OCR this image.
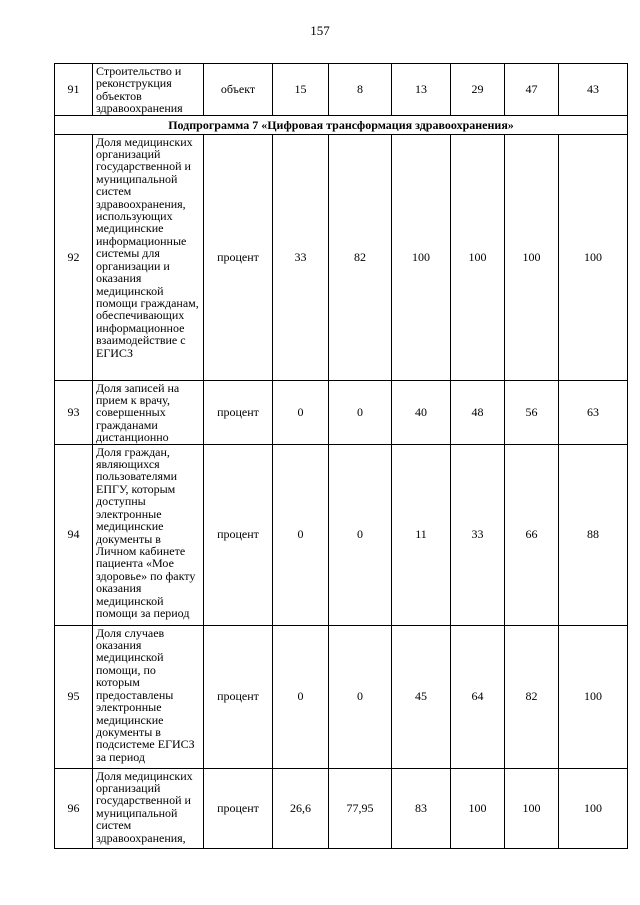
157
91	Строительство и реконструкция объектов здравоохранения	объект	15	8	13	29	47	43
Подпрограмма 7 «Цифровая трансформация здравоохранения»								
92	Доля медицинских организаций государственной и муниципальной систем здравоохранения, использующих медицинские информационные системы для организации и оказания медицинской помощи гражданам, обеспечивающих информационное взаимодействие с ЕГИСЗ	процент	33	82	100	100	100	100
93	Доля записей на прием к врачу, совершенных гражданами дистанционно	процент	0	0	40	48	56	63
94	Доля граждан, являющихся пользователями ЕПГУ, которым доступны электронные медицинские документы в Личном кабинете пациента «Мое здоровье» по факту оказания медицинской помощи за период	процент	0	0	11	33	66	88
95	Доля случаев оказания медицинской помощи, по которым предоставлены электронные медицинские документы в подсистеме ЕГИСЗ за период	процент	0	0	45	64	82	100
96	Доля медицинских организаций государственной и муниципальной систем здравоохранения,	процент	26,6	77,95	83	100	100	100
